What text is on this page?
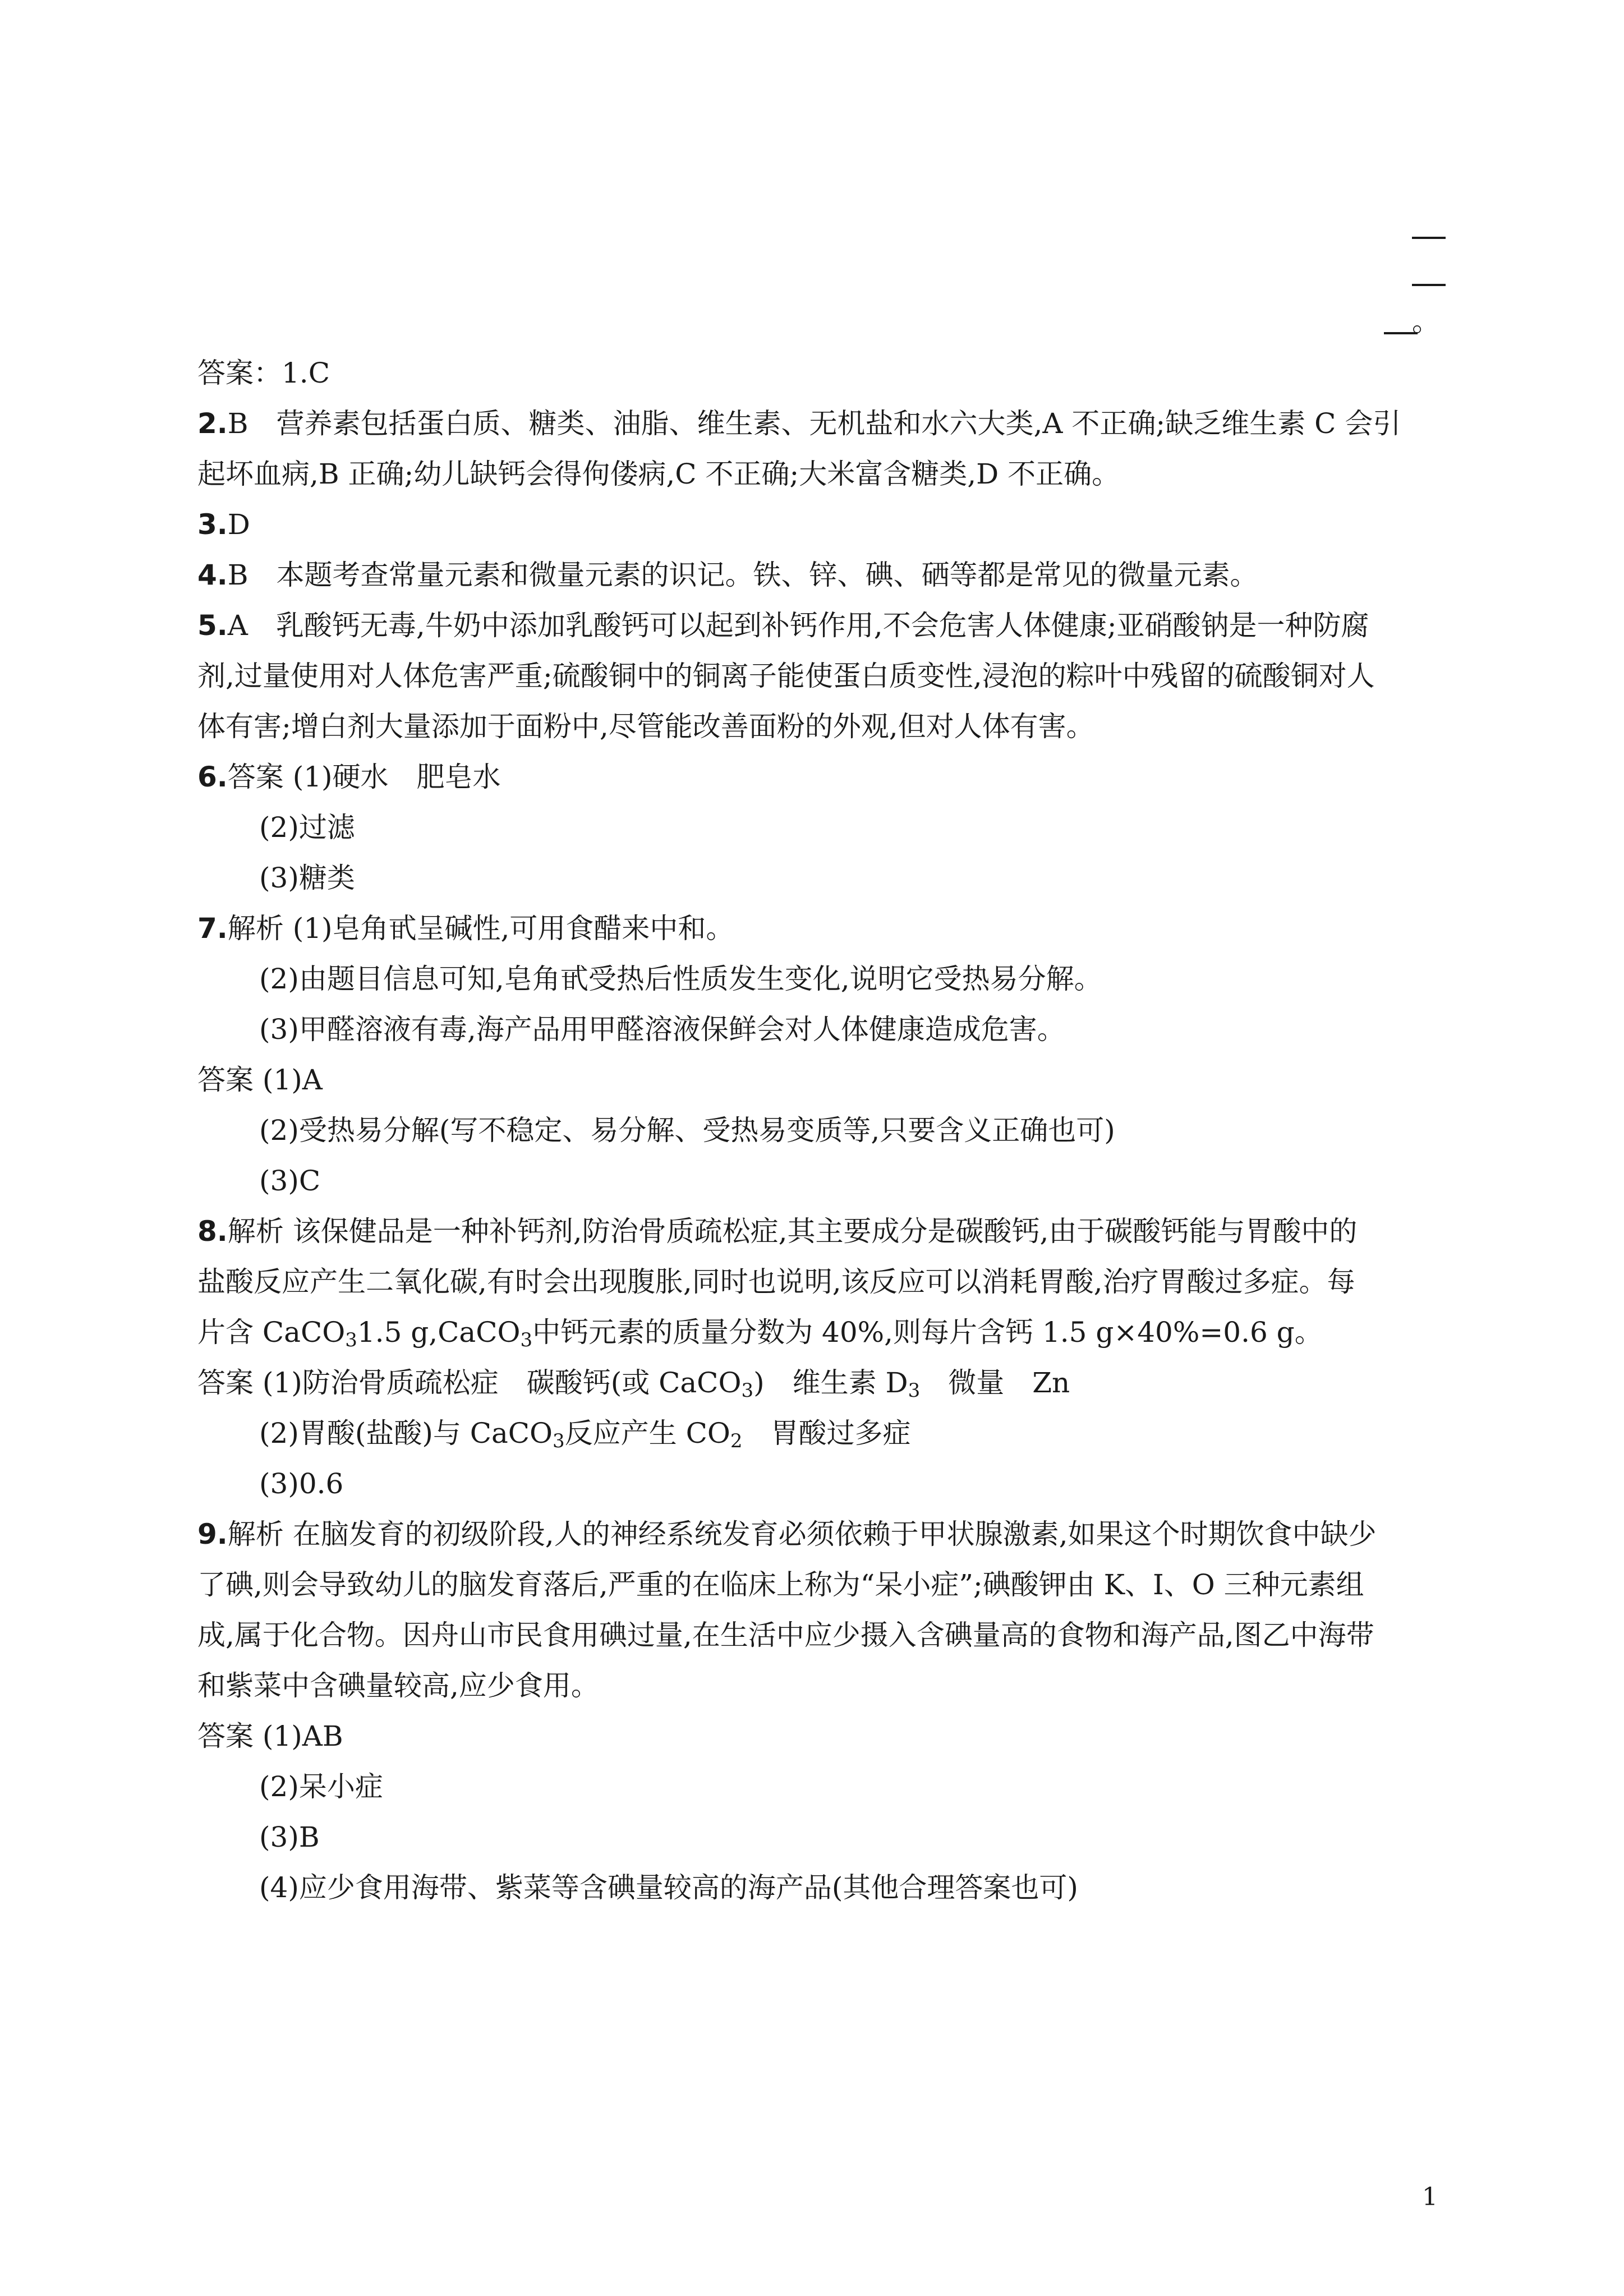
。
答案：1.C
2.B　营养素包括蛋白质、糖类、油脂、维生素、无机盐和水六大类,A 不正确;缺乏维生素 C 会引
起坏血病,B 正确;幼儿缺钙会得佝偻病,C 不正确;大米富含糖类,D 不正确。
3.D
4.B　本题考查常量元素和微量元素的识记。铁、锌、碘、硒等都是常见的微量元素。
5.A　乳酸钙无毒,牛奶中添加乳酸钙可以起到补钙作用,不会危害人体健康;亚硝酸钠是一种防腐
剂,过量使用对人体危害严重;硫酸铜中的铜离子能使蛋白质变性,浸泡的粽叶中残留的硫酸铜对人
体有害;增白剂大量添加于面粉中,尽管能改善面粉的外观,但对人体有害。
6.答案 (1)硬水　肥皂水
(2)过滤
(3)糖类
7.解析 (1)皂角甙呈碱性,可用食醋来中和。
(2)由题目信息可知,皂角甙受热后性质发生变化,说明它受热易分解。
(3)甲醛溶液有毒,海产品用甲醛溶液保鲜会对人体健康造成危害。
答案 (1)A
(2)受热易分解(写不稳定、易分解、受热易变质等,只要含义正确也可)
(3)C
8.解析 该保健品是一种补钙剂,防治骨质疏松症,其主要成分是碳酸钙,由于碳酸钙能与胃酸中的
盐酸反应产生二氧化碳,有时会出现腹胀,同时也说明,该反应可以消耗胃酸,治疗胃酸过多症。每
片含 CaCO$_3$1.5 g,CaCO$_3$中钙元素的质量分数为 40%,则每片含钙 1.5 g×40%=0.6 g。
答案 (1)防治骨质疏松症　碳酸钙(或 CaCO$_3$)　维生素 $D_3$　微量　Zn
(2)胃酸(盐酸)与 CaCO$_3$反应产生 $CO_2$　胃酸过多症
(3)0.6
9.解析 在脑发育的初级阶段,人的神经系统发育必须依赖于甲状腺激素,如果这个时期饮食中缺少
了碘,则会导致幼儿的脑发育落后,严重的在临床上称为“呆小症”;碘酸钾由 K、I、O 三种元素组
成,属于化合物。因舟山市民食用碘过量,在生活中应少摄入含碘量高的食物和海产品,图乙中海带
和紫菜中含碘量较高,应少食用。
答案 (1)AB
(2)呆小症
(3)B
(4)应少食用海带、紫菜等含碘量较高的海产品(其他合理答案也可)
1
